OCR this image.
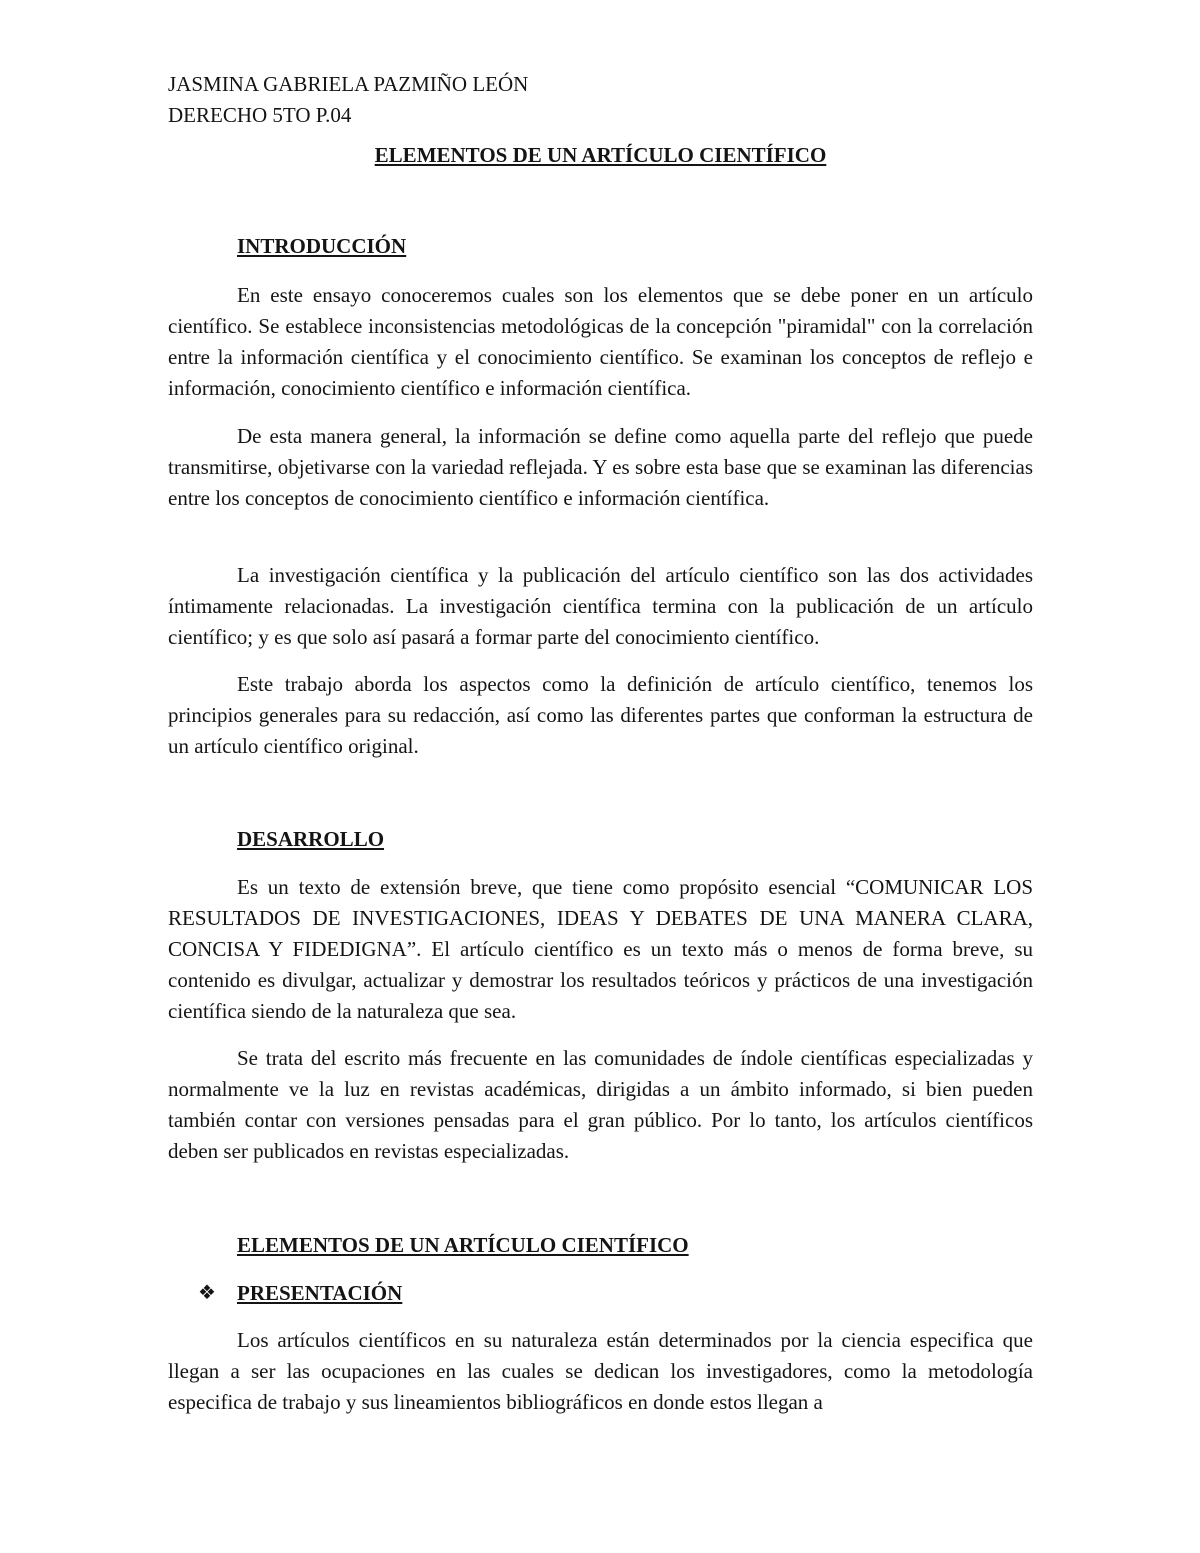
JASMINA GABRIELA PAZMIÑO LEÓN
DERECHO 5TO P.04
ELEMENTOS DE UN ARTÍCULO CIENTÍFICO
INTRODUCCIÓN

En este ensayo conoceremos cuales son los elementos que se debe poner en un artículo científico. Se establece inconsistencias metodológicas de la concepción "piramidal" con la correlación entre la información científica y el conocimiento científico. Se examinan los conceptos de reflejo e información, conocimiento científico e información científica.

De esta manera general, la información se define como aquella parte del reflejo que puede transmitirse, objetivarse con la variedad reflejada. Y es sobre esta base que se examinan las diferencias entre los conceptos de conocimiento científico e información científica.

La investigación científica y la publicación del artículo científico son las dos actividades íntimamente relacionadas. La investigación científica termina con la publicación de un artículo científico; y es que solo así pasará a formar parte del conocimiento científico.

Este trabajo aborda los aspectos como la definición de artículo científico, tenemos los principios generales para su redacción, así como las diferentes partes que conforman la estructura de un artículo científico original.

DESARROLLO

Es un texto de extensión breve, que tiene como propósito esencial “COMUNICAR LOS RESULTADOS DE INVESTIGACIONES, IDEAS Y DEBATES DE UNA MANERA CLARA, CONCISA Y FIDEDIGNA”. El artículo científico es un texto más o menos de forma breve, su contenido es divulgar, actualizar y demostrar los resultados teóricos y prácticos de una investigación científica siendo de la naturaleza que sea.

Se trata del escrito más frecuente en las comunidades de índole científicas especializadas y normalmente ve la luz en revistas académicas, dirigidas a un ámbito informado, si bien pueden también contar con versiones pensadas para el gran público. Por lo tanto, los artículos científicos deben ser publicados en revistas especializadas.

ELEMENTOS DE UN ARTÍCULO CIENTÍFICO
❖ PRESENTACIÓN

Los artículos científicos en su naturaleza están determinados por la ciencia especifica que llegan a ser las ocupaciones en las cuales se dedican los investigadores, como la metodología especifica de trabajo y sus lineamientos bibliográficos en donde estos llegan a
